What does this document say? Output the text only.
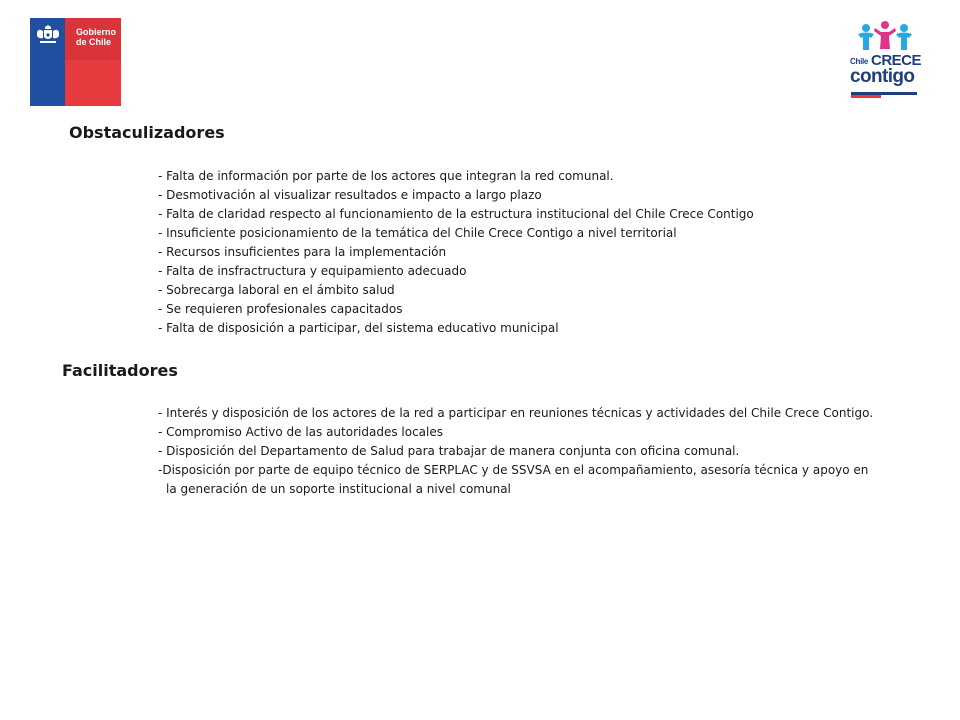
Gobierno
de Chile
Chile CRECE
contigo
Obstaculizadores
- Falta de información por parte de los actores que integran la red comunal.
- Desmotivación al visualizar resultados e impacto a largo plazo
- Falta de claridad respecto al funcionamiento de la estructura institucional del Chile Crece Contigo
- Insuficiente posicionamiento de la temática del Chile Crece Contigo a nivel territorial
- Recursos insuficientes para la implementación
- Falta de insfractructura y equipamiento adecuado
- Sobrecarga laboral en el ámbito salud
- Se requieren profesionales capacitados
- Falta de disposición a participar, del sistema educativo municipal
Facilitadores
- Interés y disposición de los actores de la red a participar en reuniones técnicas y actividades del Chile Crece Contigo.
- Compromiso Activo de las autoridades locales
- Disposición del Departamento de Salud para trabajar de manera conjunta con oficina comunal.
-Disposición por parte de equipo técnico de SERPLAC y de SSVSA en el acompañamiento, asesoría técnica y apoyo en la generación de un soporte institucional a nivel comunal
